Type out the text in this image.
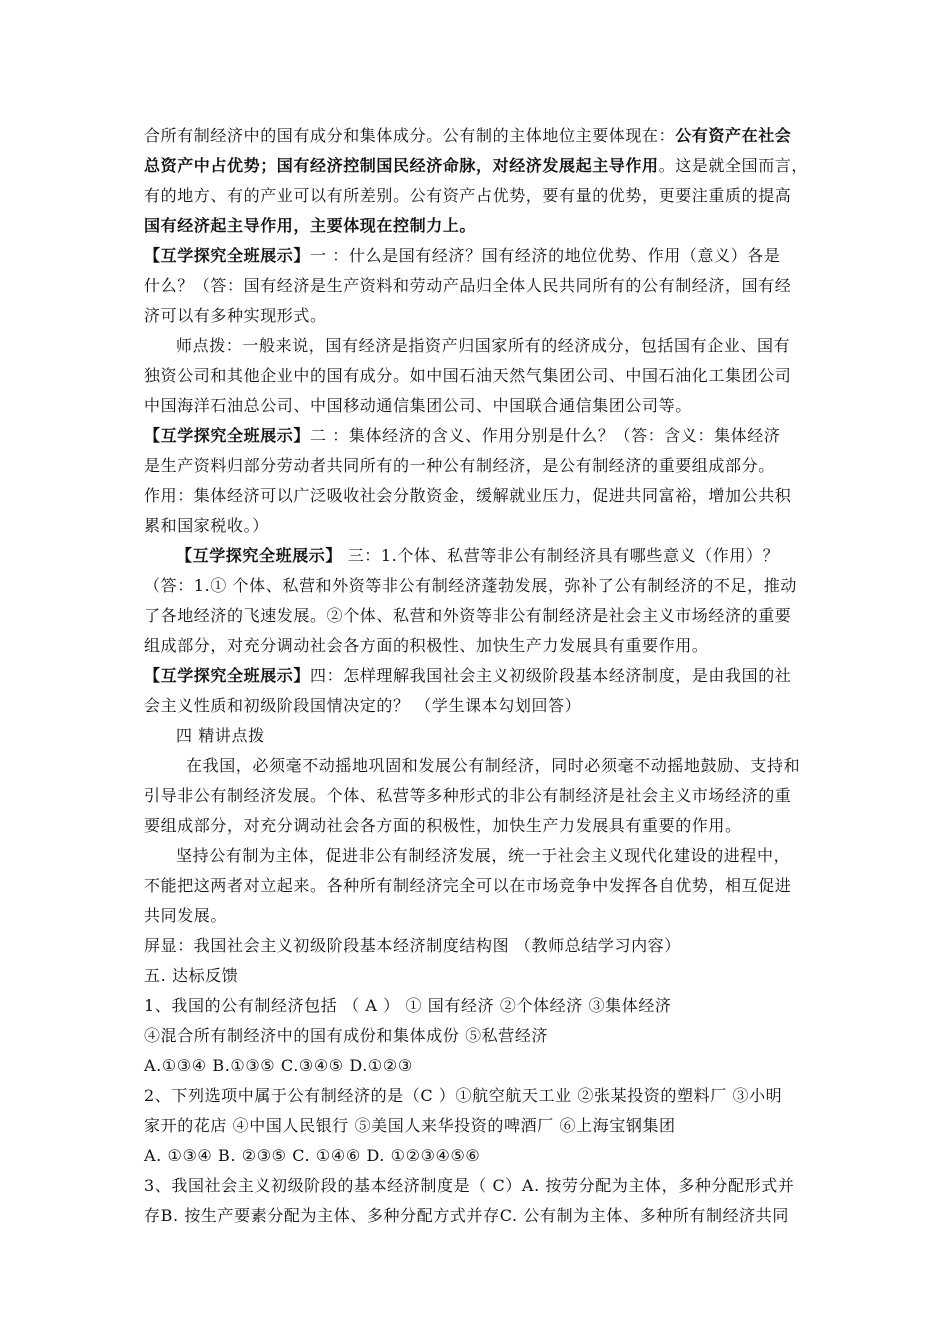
合所有制经济中的国有成分和集体成分。公有制的主体地位主要体现在：公有资产在社会
总资产中占优势；国有经济控制国民经济命脉，对经济发展起主导作用。这是就全国而言，
有的地方、有的产业可以有所差别。公有资产占优势，要有量的优势，更要注重质的提高
国有经济起主导作用，主要体现在控制力上。
【互学探究全班展示】一 ：什么是国有经济？国有经济的地位优势、作用（意义）各是
什么？（答：国有经济是生产资料和劳动产品归全体人民共同所有的公有制经济，国有经
济可以有多种实现形式。
师点拨：一般来说，国有经济是指资产归国家所有的经济成分，包括国有企业、国有
独资公司和其他企业中的国有成分。如中国石油天然气集团公司、中国石油化工集团公司
中国海洋石油总公司、中国移动通信集团公司、中国联合通信集团公司等。
【互学探究全班展示】二 ：集体经济的含义、作用分别是什么？（答：含义：集体经济
是生产资料归部分劳动者共同所有的一种公有制经济，是公有制经济的重要组成部分。
作用：集体经济可以广泛吸收社会分散资金，缓解就业压力，促进共同富裕，增加公共积
累和国家税收。）
【互学探究全班展示】 三：1.个体、私营等非公有制经济具有哪些意义（作用）？
（答：1.① 个体、私营和外资等非公有制经济蓬勃发展，弥补了公有制经济的不足，推动
了各地经济的飞速发展。②个体、私营和外资等非公有制经济是社会主义市场经济的重要
组成部分，对充分调动社会各方面的积极性、加快生产力发展具有重要作用。
【互学探究全班展示】四：怎样理解我国社会主义初级阶段基本经济制度，是由我国的社
会主义性质和初级阶段国情决定的？ （学生课本勾划回答）
四 精讲点拨
在我国，必须毫不动摇地巩固和发展公有制经济，同时必须毫不动摇地鼓励、支持和
引导非公有制经济发展。个体、私营等多种形式的非公有制经济是社会主义市场经济的重
要组成部分，对充分调动社会各方面的积极性，加快生产力发展具有重要的作用。
坚持公有制为主体，促进非公有制经济发展，统一于社会主义现代化建设的进程中，
不能把这两者对立起来。各种所有制经济完全可以在市场竞争中发挥各自优势，相互促进
共同发展。
屏显：我国社会主义初级阶段基本经济制度结构图 （教师总结学习内容）
五. 达标反馈
1、我国的公有制经济包括 （ A ） ① 国有经济 ②个体经济 ③集体经济
④混合所有制经济中的国有成份和集体成份 ⑤私营经济
A.①③④ B.①③⑤ C.③④⑤ D.①②③
2、下列选项中属于公有制经济的是（C ）①航空航天工业 ②张某投资的塑料厂 ③小明
家开的花店 ④中国人民银行 ⑤美国人来华投资的啤酒厂 ⑥上海宝钢集团
A. ①③④ B. ②③⑤ C. ①④⑥ D. ①②③④⑤⑥
3、我国社会主义初级阶段的基本经济制度是（ C）A. 按劳分配为主体，多种分配形式并
存B. 按生产要素分配为主体、多种分配方式并存C. 公有制为主体、多种所有制经济共同
